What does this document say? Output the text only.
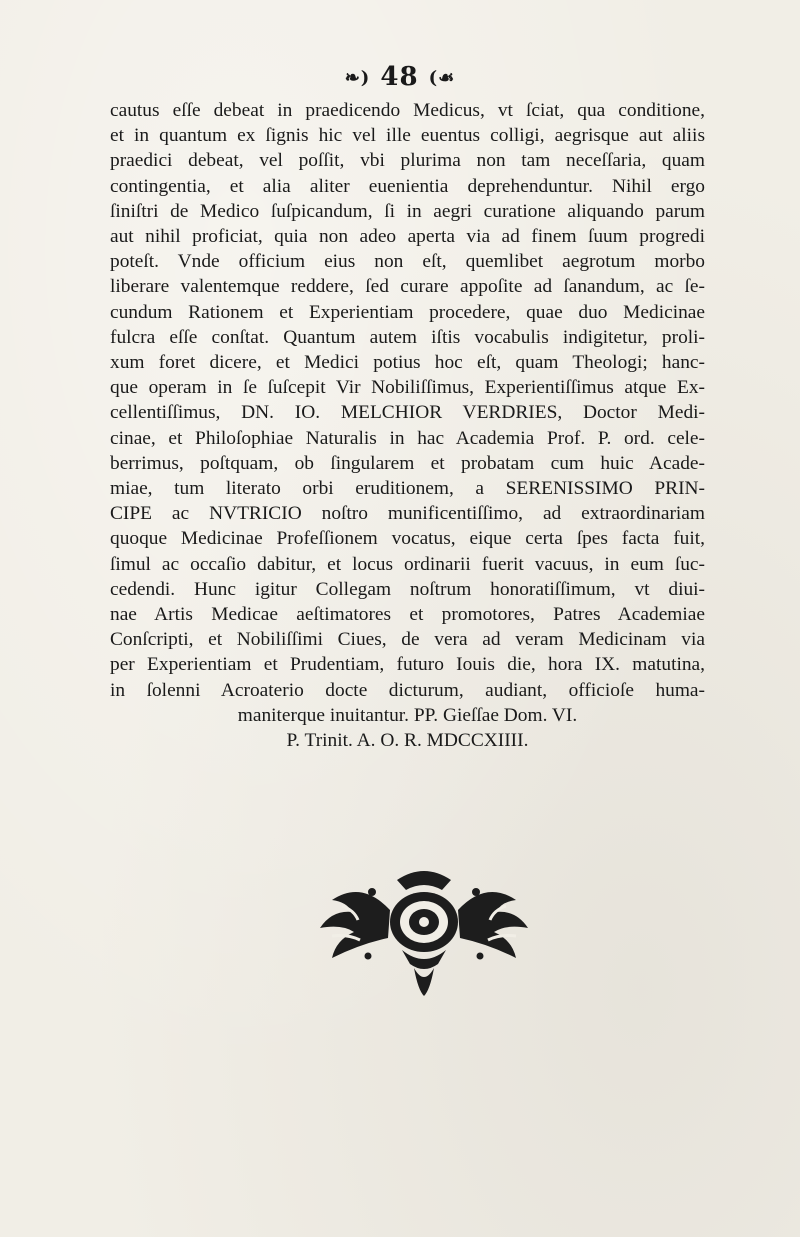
❧) 48 (☙
cautus eſſe debeat in praedicendo Medicus, vt ſciat, qua conditione,
et in quantum ex ſignis hic vel ille euentus colligi, aegrisque aut aliis
praedici debeat, vel poſſit, vbi plurima non tam neceſſaria, quam
contingentia, et alia aliter euenientia deprehenduntur. Nihil ergo
ſiniſtri de Medico ſuſpicandum, ſi in aegri curatione aliquando parum
aut nihil proficiat, quia non adeo aperta via ad finem ſuum progredi
poteſt. Vnde officium eius non eſt, quemlibet aegrotum morbo
liberare valentemque reddere, ſed curare appoſite ad ſanandum, ac ſe-
cundum Rationem et Experientiam procedere, quae duo Medicinae
fulcra eſſe conſtat. Quantum autem iſtis vocabulis indigitetur, proli-
xum foret dicere, et Medici potius hoc eſt, quam Theologi; hanc-
que operam in ſe ſuſcepit Vir Nobiliſſimus, Experientiſſimus atque Ex-
cellentiſſimus, DN. IO. MELCHIOR VERDRIES, Doctor Medi-
cinae, et Philoſophiae Naturalis in hac Academia Prof. P. ord. cele-
berrimus, poſtquam, ob ſingularem et probatam cum huic Acade-
miae, tum literato orbi eruditionem, a SERENISSIMO PRIN-
CIPE ac NVTRICIO noſtro munificentiſſimo, ad extraordinariam
quoque Medicinae Profeſſionem vocatus, eique certa ſpes facta fuit,
ſimul ac occaſio dabitur, et locus ordinarii fuerit vacuus, in eum ſuc-
cedendi. Hunc igitur Collegam noſtrum honoratiſſimum, vt diui-
nae Artis Medicae aeſtimatores et promotores, Patres Academiae
Conſcripti, et Nobiliſſimi Ciues, de vera ad veram Medicinam via
per Experientiam et Prudentiam, futuro Iouis die, hora IX. matutina,
in ſolenni Acroaterio docte dicturum, audiant, officioſe huma-
maniterque inuitantur. PP. Gieſſae Dom. VI.
P. Trinit. A. O. R. MDCCXIIII.
